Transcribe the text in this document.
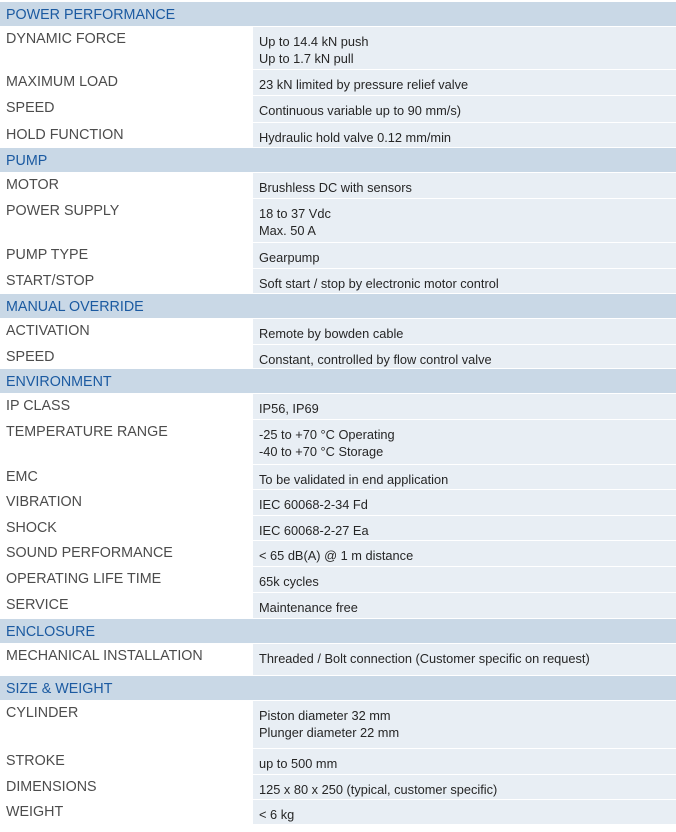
POWER PERFORMANCE
DYNAMIC FORCE	Up to 14.4 kN push
Up to 1.7 kN pull
MAXIMUM LOAD	23 kN limited by pressure relief valve
SPEED	Continuous variable up to 90 mm/s)
HOLD FUNCTION	Hydraulic hold valve 0.12 mm/min
PUMP
MOTOR	Brushless DC with sensors
POWER SUPPLY	18 to 37 Vdc
Max. 50 A
PUMP TYPE	Gearpump
START/STOP	Soft start / stop by electronic motor control
MANUAL OVERRIDE
ACTIVATION	Remote by bowden cable
SPEED	Constant, controlled by flow control valve
ENVIRONMENT
IP CLASS	IP56, IP69
TEMPERATURE RANGE	-25 to +70 °C Operating
-40 to +70 °C Storage
EMC	To be validated in end application
VIBRATION	IEC 60068-2-34 Fd
SHOCK	IEC 60068-2-27 Ea
SOUND PERFORMANCE	< 65 dB(A) @ 1 m distance
OPERATING LIFE TIME	65k cycles
SERVICE	Maintenance free
ENCLOSURE
MECHANICAL INSTALLATION	Threaded / Bolt connection (Customer specific on request)
SIZE & WEIGHT
CYLINDER	Piston diameter 32 mm
Plunger diameter 22 mm
STROKE	up to 500 mm
DIMENSIONS	125 x 80 x 250 (typical, customer specific)
WEIGHT	< 6 kg
